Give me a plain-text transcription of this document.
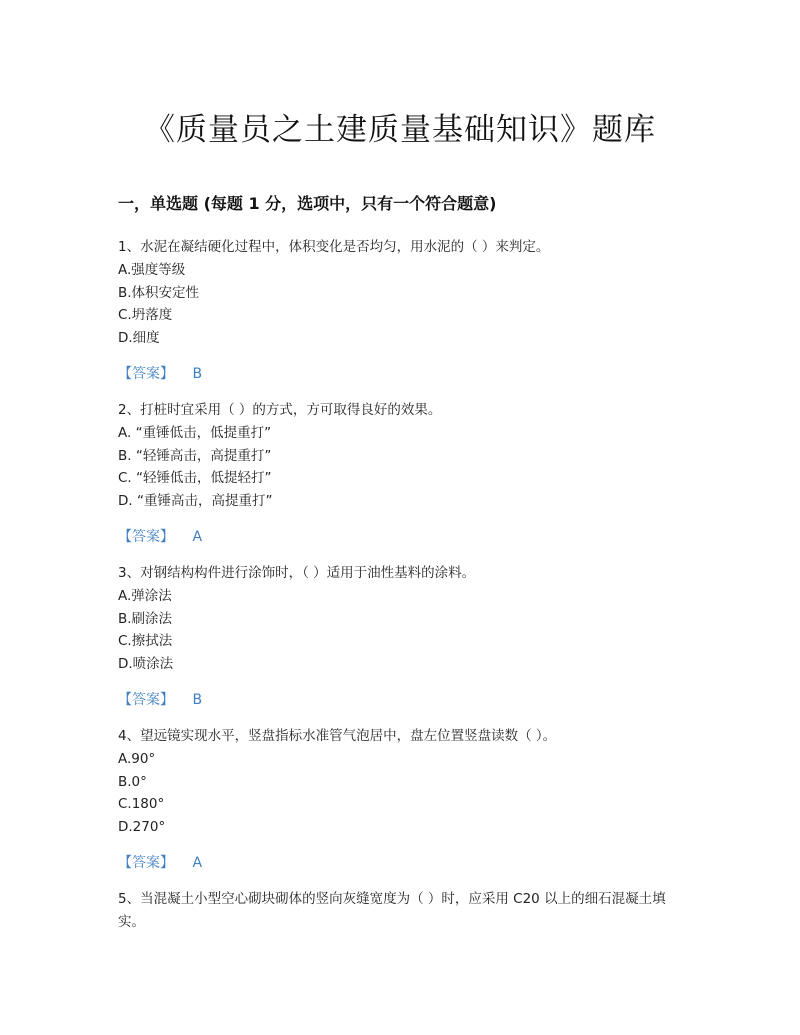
《质量员之土建质量基础知识》题库
一，单选题 (每题 1 分，选项中，只有一个符合题意)
1、水泥在凝结硬化过程中，体积变化是否均匀，用水泥的（ ）来判定。
A.强度等级
B.体积安定性
C.坍落度
D.细度
【答案】 B
2、打桩时宜采用（ ）的方式，方可取得良好的效果。
A. “重锤低击，低提重打”
B. “轻锤高击，高提重打”
C. “轻锤低击，低提轻打”
D. “重锤高击，高提重打”
【答案】 A
3、对钢结构构件进行涂饰时，（ ）适用于油性基料的涂料。
A.弹涂法
B.刷涂法
C.擦拭法
D.喷涂法
【答案】 B
4、望远镜实现水平，竖盘指标水准管气泡居中，盘左位置竖盘读数（ ）。
A.90°
B.0°
C.180°
D.270°
【答案】 A
5、当混凝土小型空心砌块砌体的竖向灰缝宽度为（ ）时，应采用 C20 以上的细石混凝土填实。
